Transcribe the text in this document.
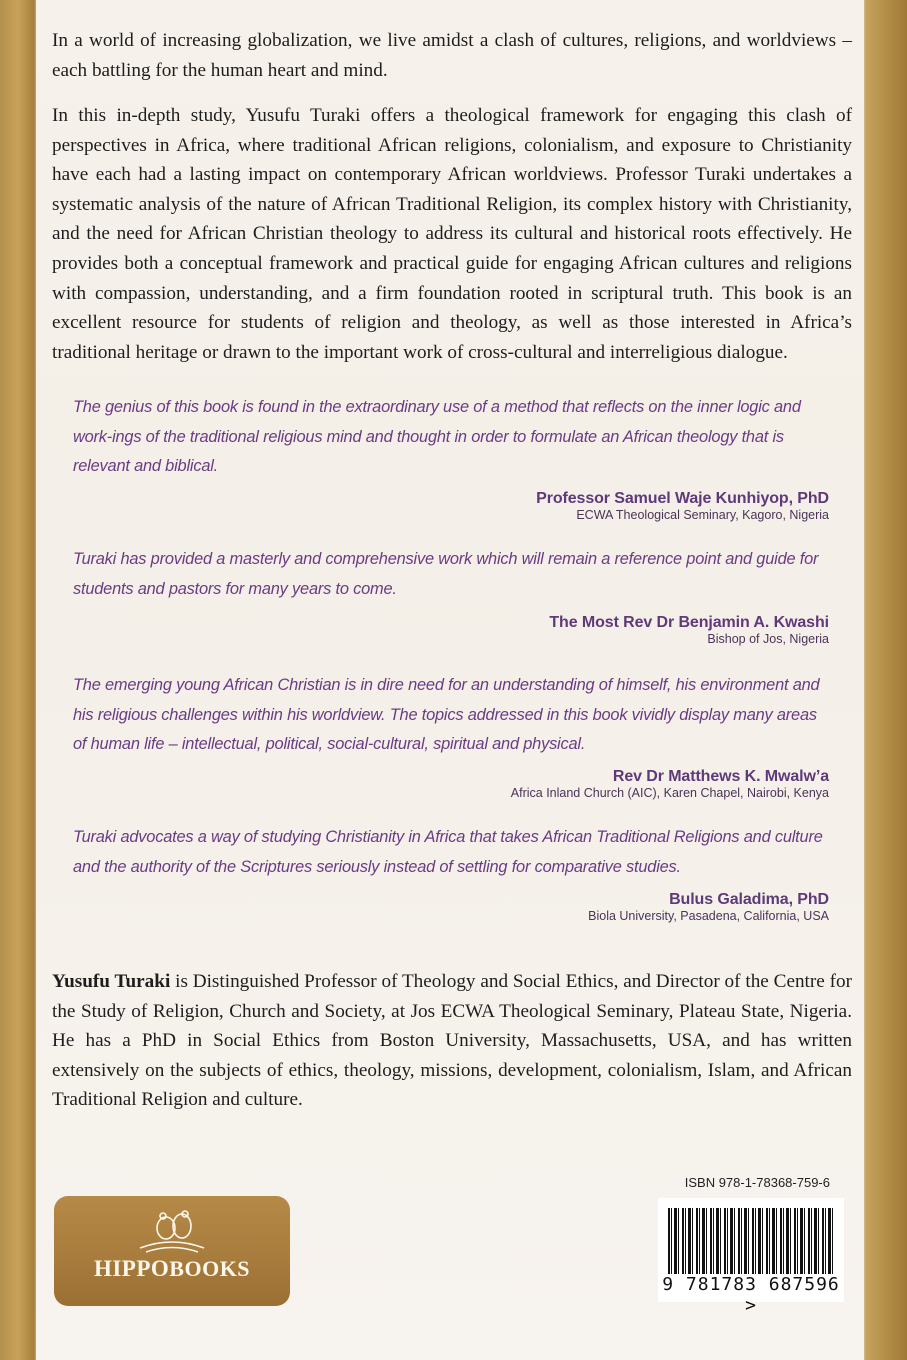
In a world of increasing globalization, we live amidst a clash of cultures, religions, and worldviews – each battling for the human heart and mind.

In this in-depth study, Yusufu Turaki offers a theological framework for engaging this clash of perspectives in Africa, where traditional African religions, colonialism, and exposure to Christianity have each had a lasting impact on contemporary African worldviews. Professor Turaki undertakes a systematic analysis of the nature of African Traditional Religion, its complex history with Christianity, and the need for African Christian theology to address its cultural and historical roots effectively. He provides both a conceptual framework and practical guide for engaging African cultures and religions with compassion, understanding, and a firm foundation rooted in scriptural truth. This book is an excellent resource for students of religion and theology, as well as those interested in Africa’s traditional heritage or drawn to the important work of cross-cultural and interreligious dialogue.

The genius of this book is found in the extraordinary use of a method that reflects on the inner logic and work-ings of the traditional religious mind and thought in order to formulate an African theology that is relevant and biblical.

Professor Samuel Waje Kunhiyop, PhD

ECWA Theological Seminary, Kagoro, Nigeria

Turaki has provided a masterly and comprehensive work which will remain a reference point and guide for students and pastors for many years to come.

The Most Rev Dr Benjamin A. Kwashi

Bishop of Jos, Nigeria

The emerging young African Christian is in dire need for an understanding of himself, his environment and his religious challenges within his worldview. The topics addressed in this book vividly display many areas of human life – intellectual, political, social-cultural, spiritual and physical.

Rev Dr Matthews K. Mwalw’a

Africa Inland Church (AIC), Karen Chapel, Nairobi, Kenya

Turaki advocates a way of studying Christianity in Africa that takes African Traditional Religions and culture and the authority of the Scriptures seriously instead of settling for comparative studies.

Bulus Galadima, PhD

Biola University, Pasadena, California, USA

Yusufu Turaki is Distinguished Professor of Theology and Social Ethics, and Director of the Centre for the Study of Religion, Church and Society, at Jos ECWA Theological Seminary, Plateau State, Nigeria. He has a PhD in Social Ethics from Boston University, Massachusetts, USA, and has written extensively on the subjects of ethics, theology, missions, development, colonialism, Islam, and African Traditional Religion and culture.

HIPPOBOOKS
ISBN 978-1-78368-759-6
9 781783 687596 >
